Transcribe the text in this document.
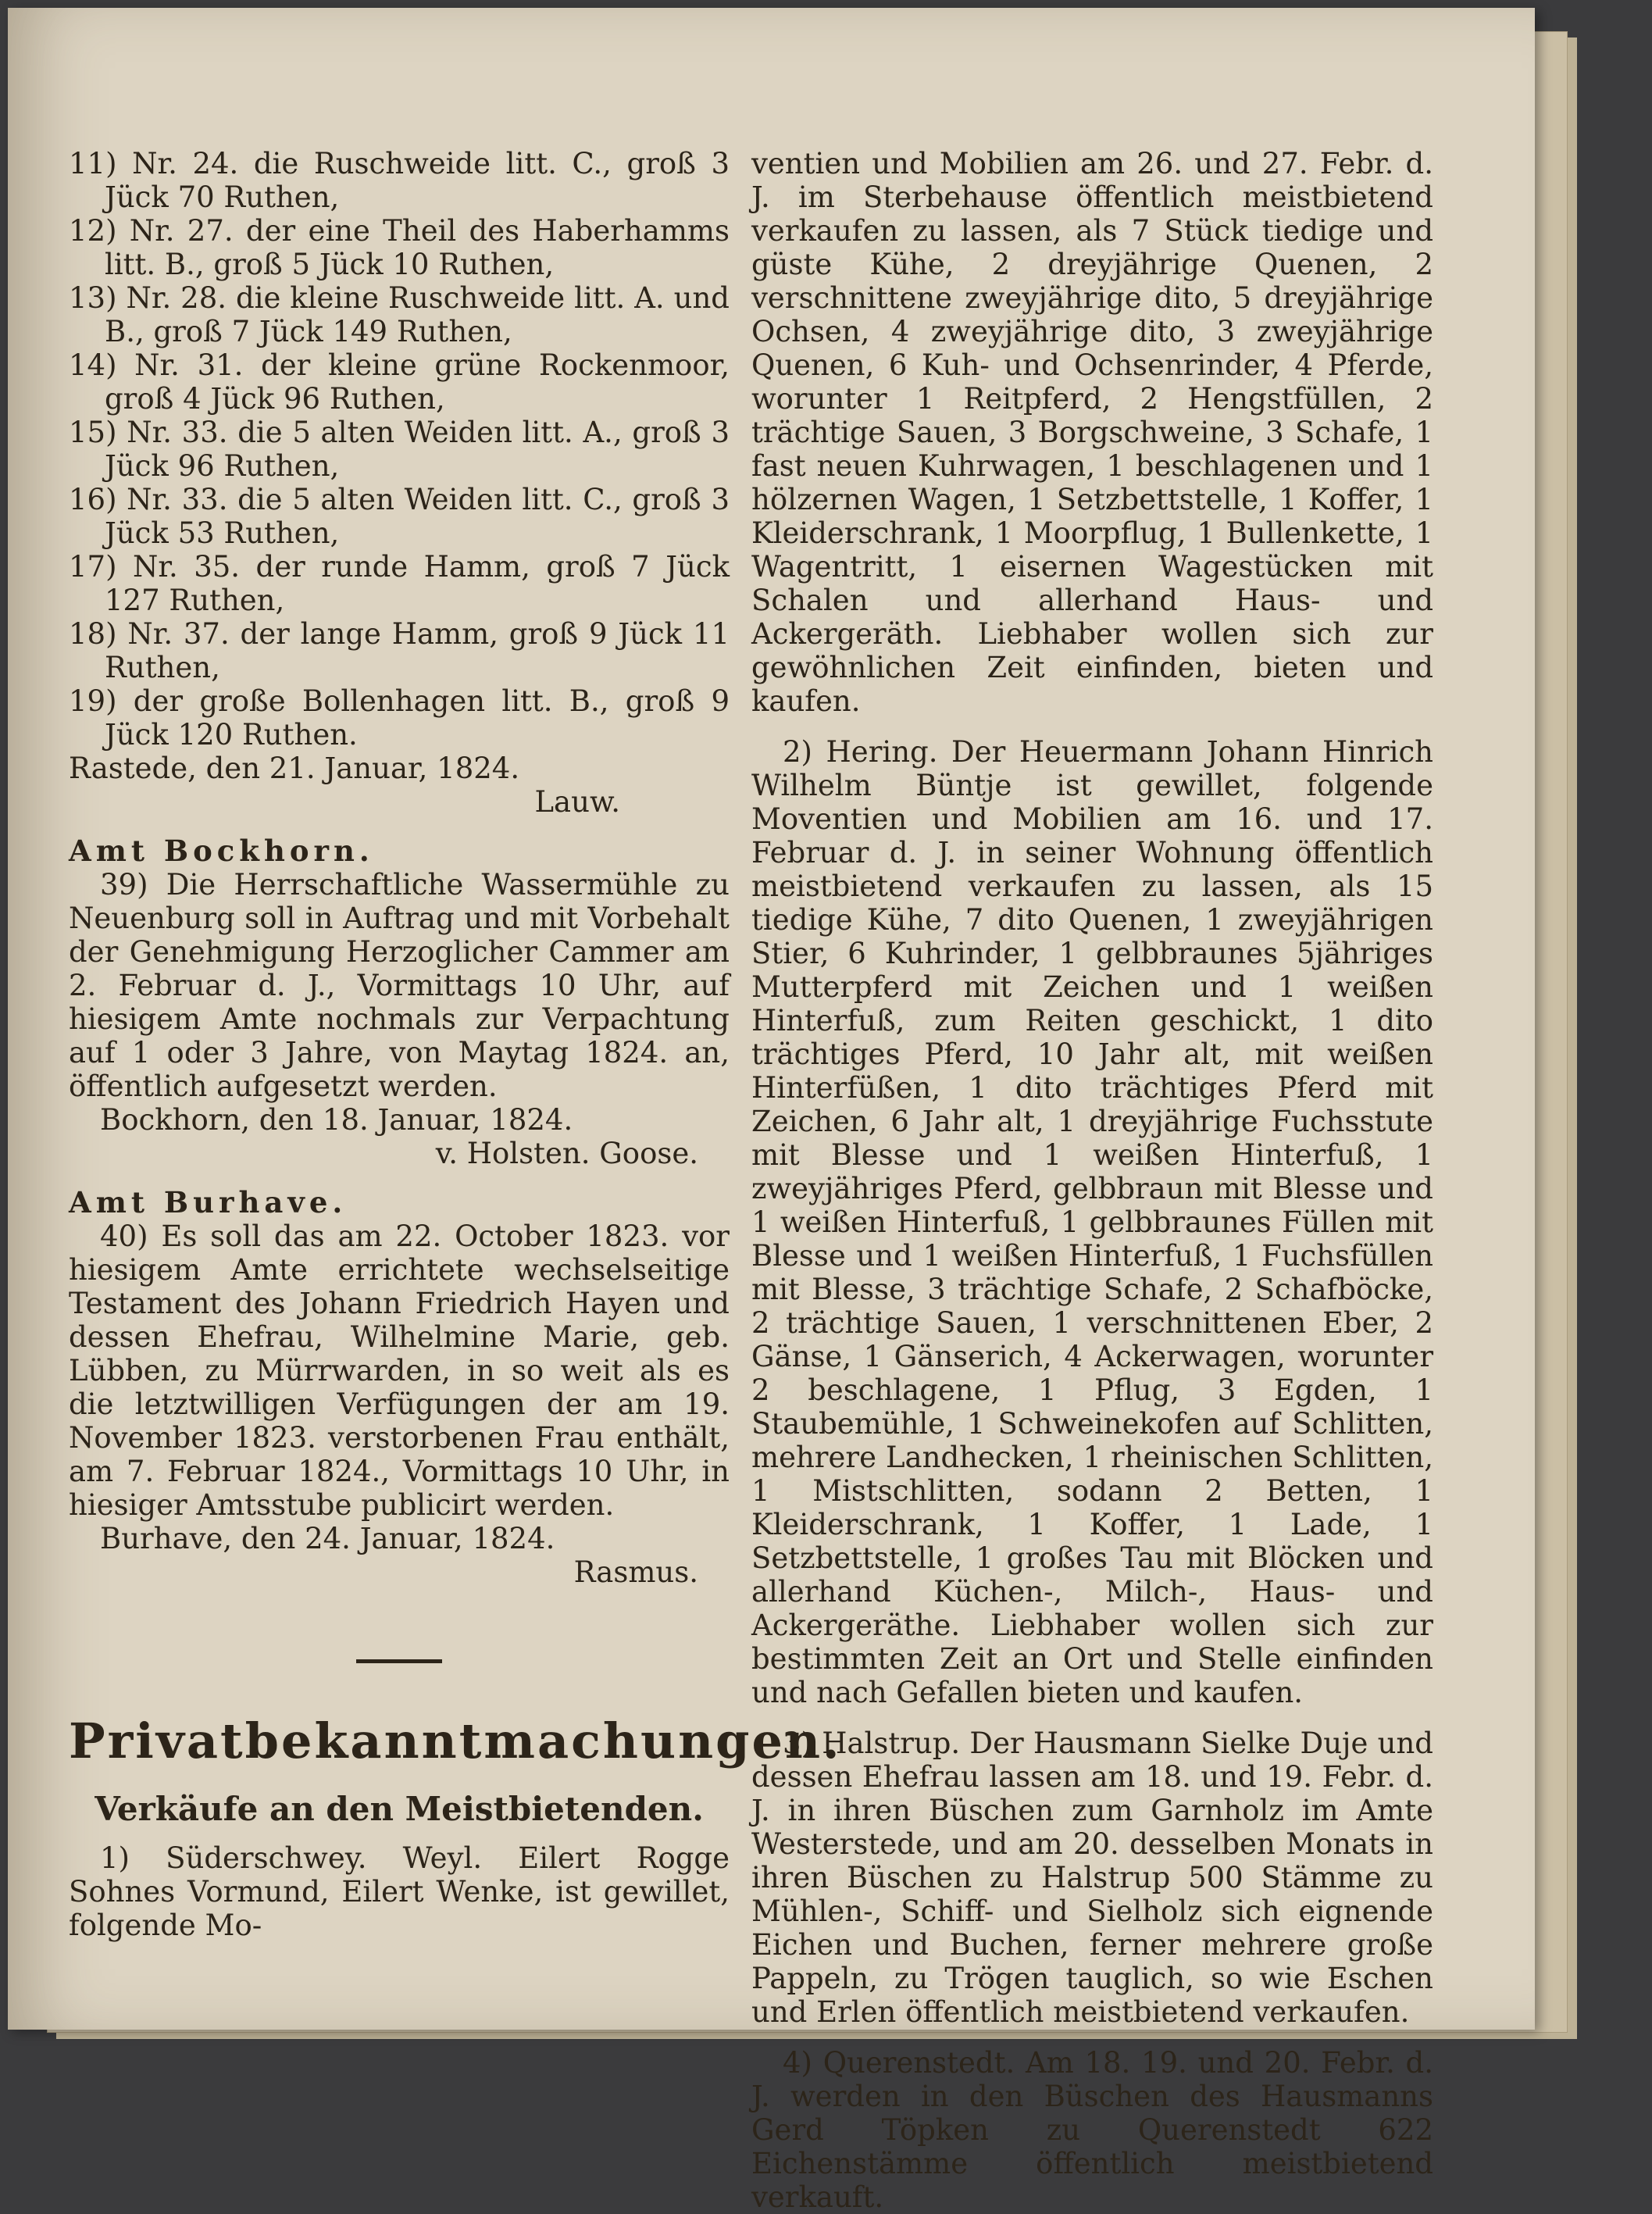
11) Nr. 24. die Ruschweide litt. C., groß 3 Jück 70 Ruthen,

12) Nr. 27. der eine Theil des Haberhamms litt. B., groß 5 Jück 10 Ruthen,

13) Nr. 28. die kleine Ruschweide litt. A. und B., groß 7 Jück 149 Ruthen,

14) Nr. 31. der kleine grüne Rockenmoor, groß 4 Jück 96 Ruthen,

15) Nr. 33. die 5 alten Weiden litt. A., groß 3 Jück 96 Ruthen,

16) Nr. 33. die 5 alten Weiden litt. C., groß 3 Jück 53 Ruthen,

17) Nr. 35. der runde Hamm, groß 7 Jück 127 Ruthen,

18) Nr. 37. der lange Hamm, groß 9 Jück 11 Ruthen,

19) der große Bollenhagen litt. B., groß 9 Jück 120 Ruthen.

Rastede, den 21. Januar, 1824.

Lauw.

Amt Bockhorn.

39) Die Herrschaftliche Wassermühle zu Neuenburg soll in Auftrag und mit Vorbehalt der Genehmigung Herzoglicher Cammer am 2. Februar d. J., Vormittags 10 Uhr, auf hiesigem Amte nochmals zur Verpachtung auf 1 oder 3 Jahre, von Maytag 1824. an, öffentlich aufgesetzt werden.

Bockhorn, den 18. Januar, 1824.

v. Holsten. Goose.

Amt Burhave.

40) Es soll das am 22. October 1823. vor hiesigem Amte errichtete wechselseitige Testament des Johann Friedrich Hayen und dessen Ehefrau, Wilhelmine Marie, geb. Lübben, zu Mürrwarden, in so weit als es die letztwilligen Verfügungen der am 19. November 1823. verstorbenen Frau enthält, am 7. Februar 1824., Vormittags 10 Uhr, in hiesiger Amtsstube publicirt werden.

Burhave, den 24. Januar, 1824.

Rasmus.

Privatbekanntmachungen.

Verkäufe an den Meistbietenden.

1) Süderschwey. Weyl. Eilert Rogge Sohnes Vormund, Eilert Wenke, ist gewillet, folgende Mo-

ventien und Mobilien am 26. und 27. Febr. d. J. im Sterbehause öffentlich meistbietend verkaufen zu lassen, als 7 Stück tiedige und güste Kühe, 2 dreyjährige Quenen, 2 verschnittene zweyjährige dito, 5 dreyjährige Ochsen, 4 zweyjährige dito, 3 zweyjährige Quenen, 6 Kuh- und Ochsenrinder, 4 Pferde, worunter 1 Reitpferd, 2 Hengstfüllen, 2 trächtige Sauen, 3 Borgschweine, 3 Schafe, 1 fast neuen Kuhrwagen, 1 beschlagenen und 1 hölzernen Wagen, 1 Setzbettstelle, 1 Koffer, 1 Kleiderschrank, 1 Moorpflug, 1 Bullenkette, 1 Wagentritt, 1 eisernen Wagestücken mit Schalen und allerhand Haus- und Ackergeräth. Liebhaber wollen sich zur gewöhnlichen Zeit einfinden, bieten und kaufen.

2) Hering. Der Heuermann Johann Hinrich Wilhelm Büntje ist gewillet, folgende Moventien und Mobilien am 16. und 17. Februar d. J. in seiner Wohnung öffentlich meistbietend verkaufen zu lassen, als 15 tiedige Kühe, 7 dito Quenen, 1 zweyjährigen Stier, 6 Kuhrinder, 1 gelbbraunes 5jähriges Mutterpferd mit Zeichen und 1 weißen Hinterfuß, zum Reiten geschickt, 1 dito trächtiges Pferd, 10 Jahr alt, mit weißen Hinterfüßen, 1 dito trächtiges Pferd mit Zeichen, 6 Jahr alt, 1 dreyjährige Fuchsstute mit Blesse und 1 weißen Hinterfuß, 1 zweyjähriges Pferd, gelbbraun mit Blesse und 1 weißen Hinterfuß, 1 gelbbraunes Füllen mit Blesse und 1 weißen Hinterfuß, 1 Fuchsfüllen mit Blesse, 3 trächtige Schafe, 2 Schafböcke, 2 trächtige Sauen, 1 verschnittenen Eber, 2 Gänse, 1 Gänserich, 4 Ackerwagen, worunter 2 beschlagene, 1 Pflug, 3 Egden, 1 Staubemühle, 1 Schweinekofen auf Schlitten, mehrere Landhecken, 1 rheinischen Schlitten, 1 Mistschlitten, sodann 2 Betten, 1 Kleiderschrank, 1 Koffer, 1 Lade, 1 Setzbettstelle, 1 großes Tau mit Blöcken und allerhand Küchen-, Milch-, Haus- und Ackergeräthe. Liebhaber wollen sich zur bestimmten Zeit an Ort und Stelle einfinden und nach Gefallen bieten und kaufen.

3) Halstrup. Der Hausmann Sielke Duje und dessen Ehefrau lassen am 18. und 19. Febr. d. J. in ihren Büschen zum Garnholz im Amte Westerstede, und am 20. desselben Monats in ihren Büschen zu Halstrup 500 Stämme zu Mühlen-, Schiff- und Sielholz sich eignende Eichen und Buchen, ferner mehrere große Pappeln, zu Trögen tauglich, so wie Eschen und Erlen öffentlich meistbietend verkaufen.

4) Querenstedt. Am 18. 19. und 20. Febr. d. J. werden in den Büschen des Hausmanns Gerd Töpken zu Querenstedt 622 Eichenstämme öffentlich meistbietend verkauft.
